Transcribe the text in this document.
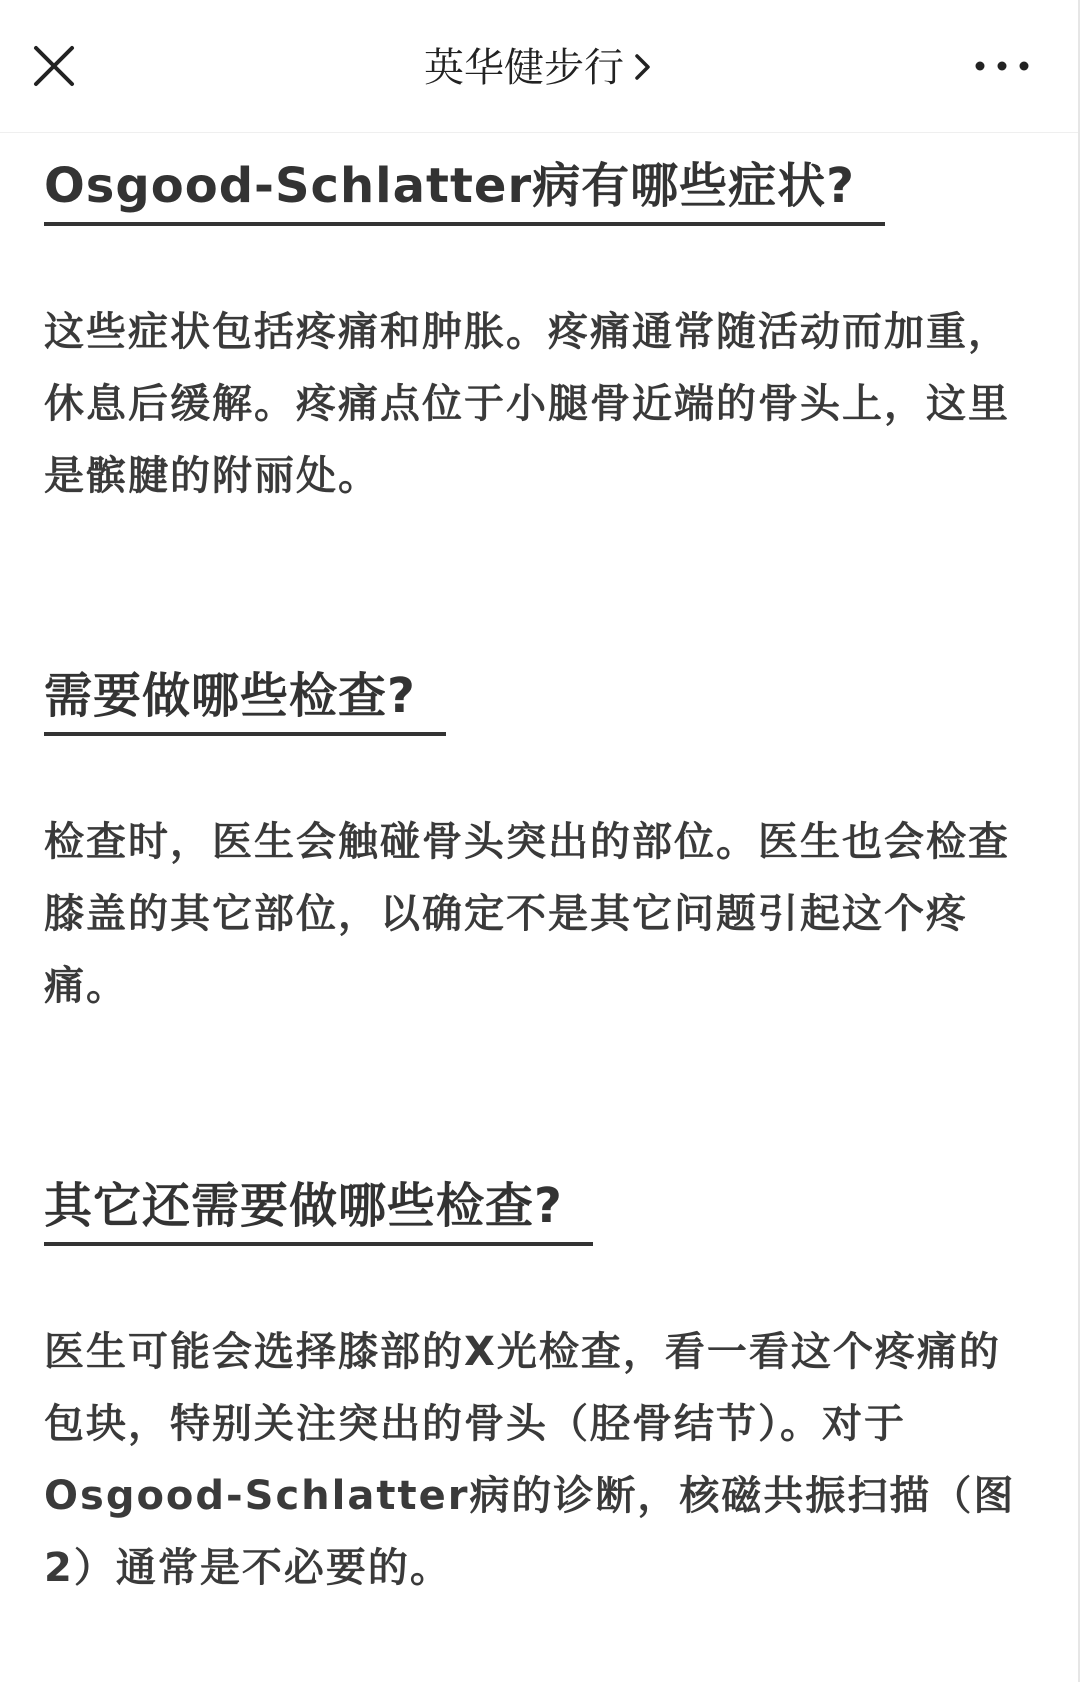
英华健步行
Osgood-Schlatter病有哪些症状?

这些症状包括疼痛和肿胀。疼痛通常随活动而加重，休息后缓解。疼痛点位于小腿骨近端的骨头上，这里是髌腱的附丽处。

需要做哪些检查?

检查时，医生会触碰骨头突出的部位。医生也会检查膝盖的其它部位，以确定不是其它问题引起这个疼痛。

其它还需要做哪些检查?

医生可能会选择膝部的X光检查，看一看这个疼痛的包块，特别关注突出的骨头（胫骨结节）。对于Osgood-Schlatter病的诊断，核磁共振扫描（图2）通常是不必要的。
